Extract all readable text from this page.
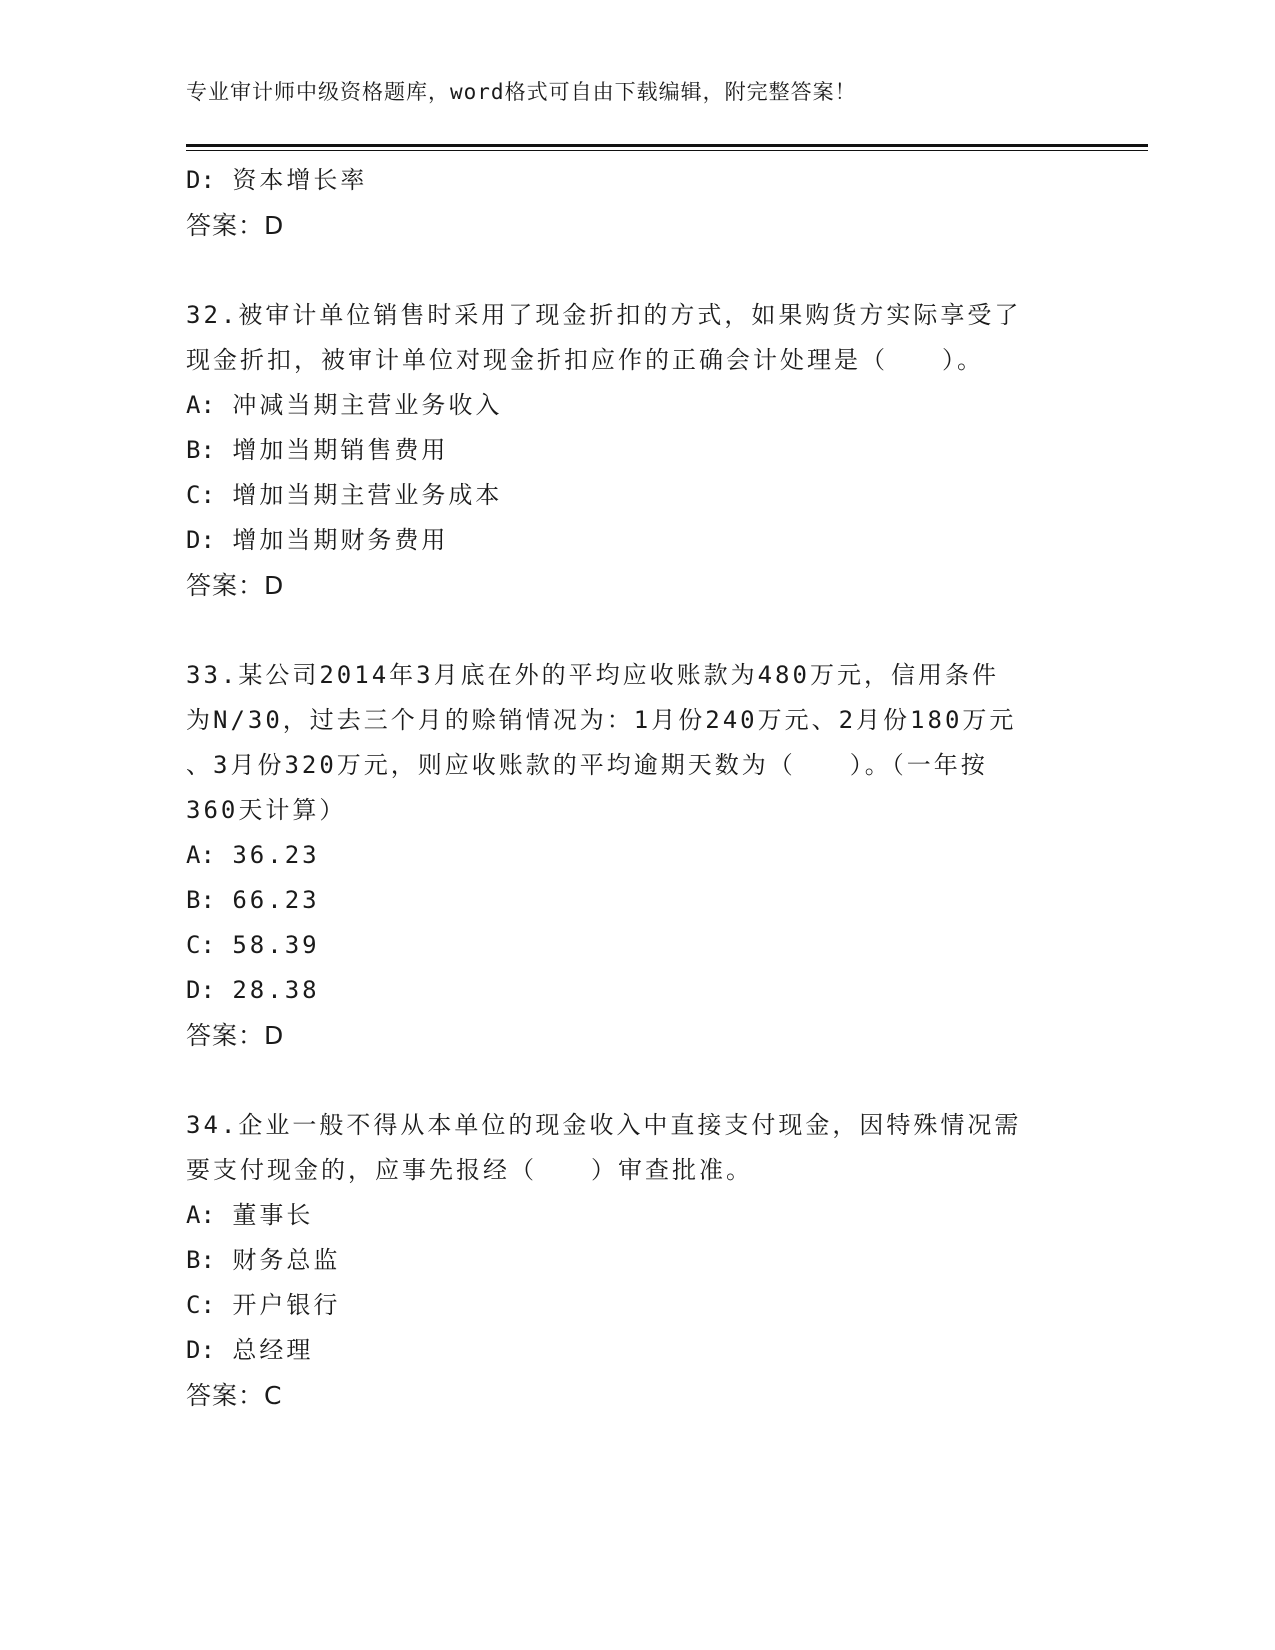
专业审计师中级资格题库，word格式可自由下载编辑，附完整答案！
D: 资本增长率
答案：D
32.被审计单位销售时采用了现金折扣的方式，如果购货方实际享受了
现金折扣，被审计单位对现金折扣应作的正确会计处理是（　　）。
A: 冲减当期主营业务收入
B: 增加当期销售费用
C: 增加当期主营业务成本
D: 增加当期财务费用
答案：D
33.某公司2014年3月底在外的平均应收账款为480万元，信用条件
为N/30，过去三个月的赊销情况为：1月份240万元、2月份180万元
、3月份320万元，则应收账款的平均逾期天数为（　　）。（一年按
360天计算）
A: 36.23
B: 66.23
C: 58.39
D: 28.38
答案：D
34.企业一般不得从本单位的现金收入中直接支付现金，因特殊情况需
要支付现金的，应事先报经（　　）审查批准。
A: 董事长
B: 财务总监
C: 开户银行
D: 总经理
答案：C
